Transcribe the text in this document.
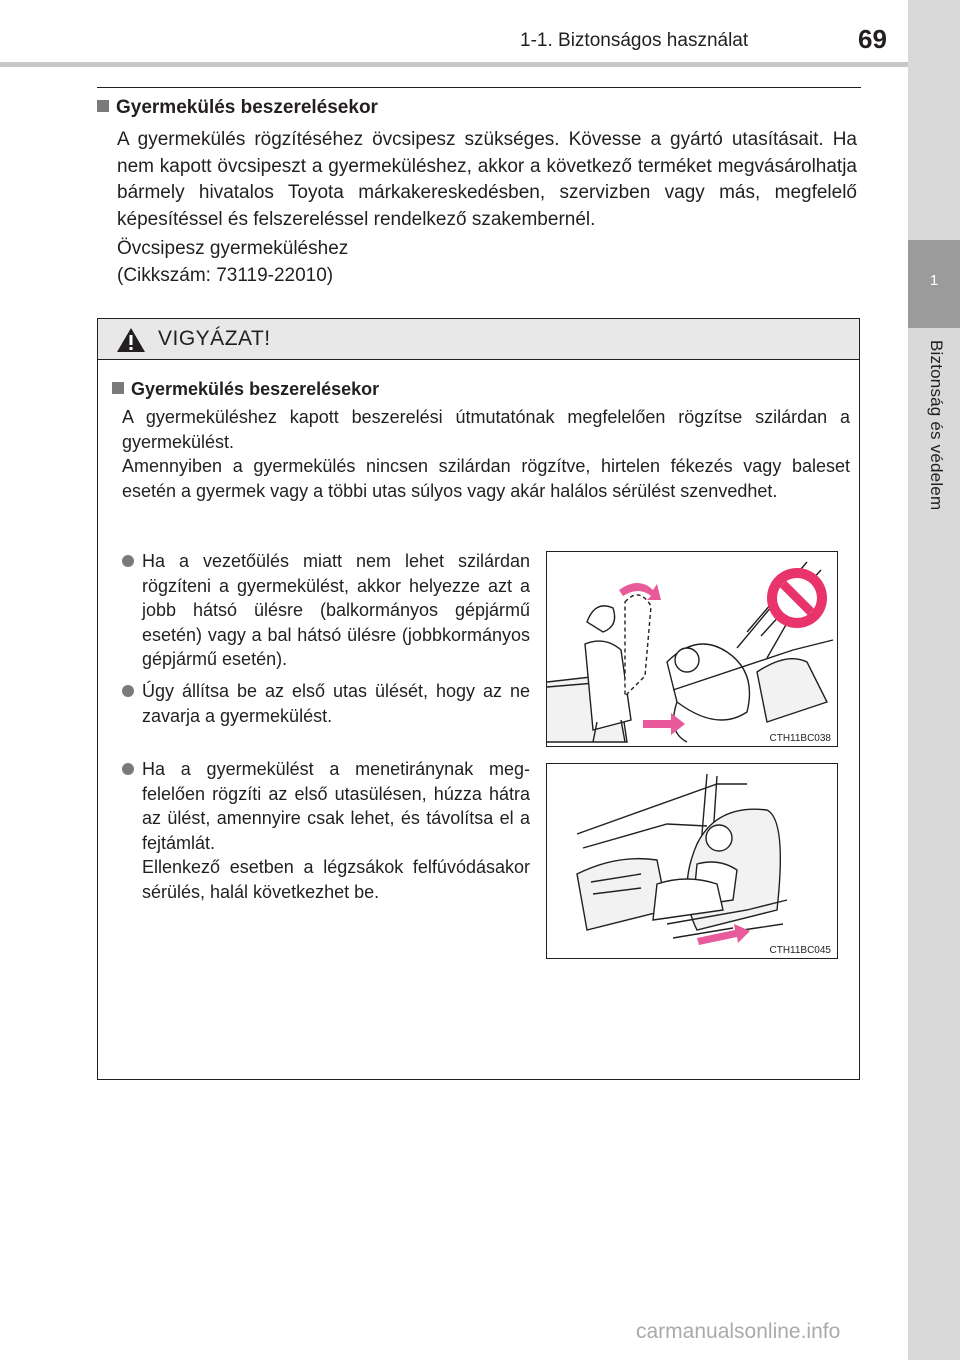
1-1. Biztonságos használat	69
1
Biztonság és védelem
Gyermekülés beszerelésekor
A gyermekülés rögzítéséhez övcsipesz szükséges. Kövesse a gyártó utasításait. Ha nem kapott övcsipeszt a gyermeküléshez, akkor a következő terméket megvásárolhatja bármely hivatalos Toyota márkakereskedésben, szervizben vagy más, megfelelő képesítéssel és felszereléssel rendelkező szakembernél.
Övcsipesz gyermeküléshez
(Cikkszám: 73119-22010)
VIGYÁZAT!
Gyermekülés beszerelésekor
A gyermeküléshez kapott beszerelési útmutatónak megfelelően rögzítse szilárdan a gyermekülést.
Amennyiben a gyermekülés nincsen szilárdan rögzítve, hirtelen fékezés vagy baleset esetén a gyermek vagy a többi utas súlyos vagy akár halálos sérülést szenvedhet.
Ha a vezetőülés miatt nem lehet szilárdan rögzíteni a gyermekülést, akkor helyezze azt a jobb hátsó ülésre (balkormányos gépjármű esetén) vagy a bal hátsó ülésre (jobbkormányos gépjármű esetén).
Úgy állítsa be az első utas ülését, hogy az ne zavarja a gyermekülést.
Ha a gyermekülést a menetiránynak megfelelően rögzíti az első utasülésen, húzza hátra az ülést, amennyire csak lehet, és távolítsa el a fejtámlát.
Ellenkező esetben a légzsákok felfúvódásakor sérülés, halál következhet be.
CTH11BC038
CTH11BC045
carmanualsonline.info
